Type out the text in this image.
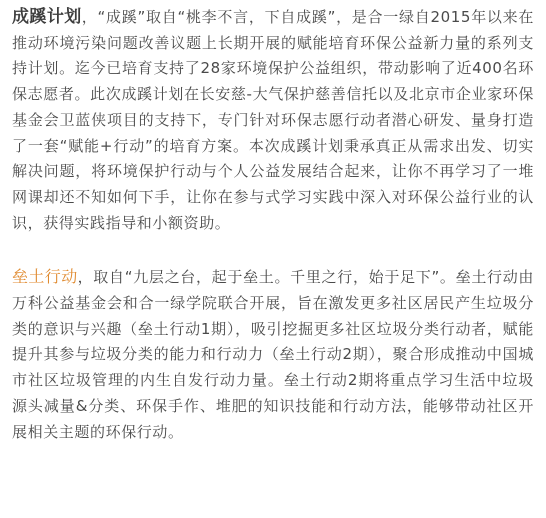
成蹊计划，“成蹊”取自“桃李不言，下自成蹊”，是合一绿自2015年以来在推动环境污染问题改善议题上长期开展的赋能培育环保公益新力量的系列支持计划。迄今已培育支持了28家环境保护公益组织，带动影响了近400名环保志愿者。此次成蹊计划在长安慈-大气保护慈善信托以及北京市企业家环保基金会卫蓝侠项目的支持下，专门针对环保志愿行动者潜心研发、量身打造了一套“赋能+行动”的培育方案。本次成蹊计划秉承真正从需求出发、切实解决问题，将环境保护行动与个人公益发展结合起来，让你不再学习了一堆网课却还不知如何下手，让你在参与式学习实践中深入对环保公益行业的认识，获得实践指导和小额资助。

垒土行动，取自“九层之台，起于垒土。千里之行，始于足下”。垒土行动由万科公益基金会和合一绿学院联合开展，旨在激发更多社区居民产生垃圾分类的意识与兴趣（垒土行动1期），吸引挖掘更多社区垃圾分类行动者，赋能提升其参与垃圾分类的能力和行动力（垒土行动2期），聚合形成推动中国城市社区垃圾管理的内生自发行动力量。垒土行动2期将重点学习生活中垃圾源头减量&分类、环保手作、堆肥的知识技能和行动方法，能够带动社区开展相关主题的环保行动。
